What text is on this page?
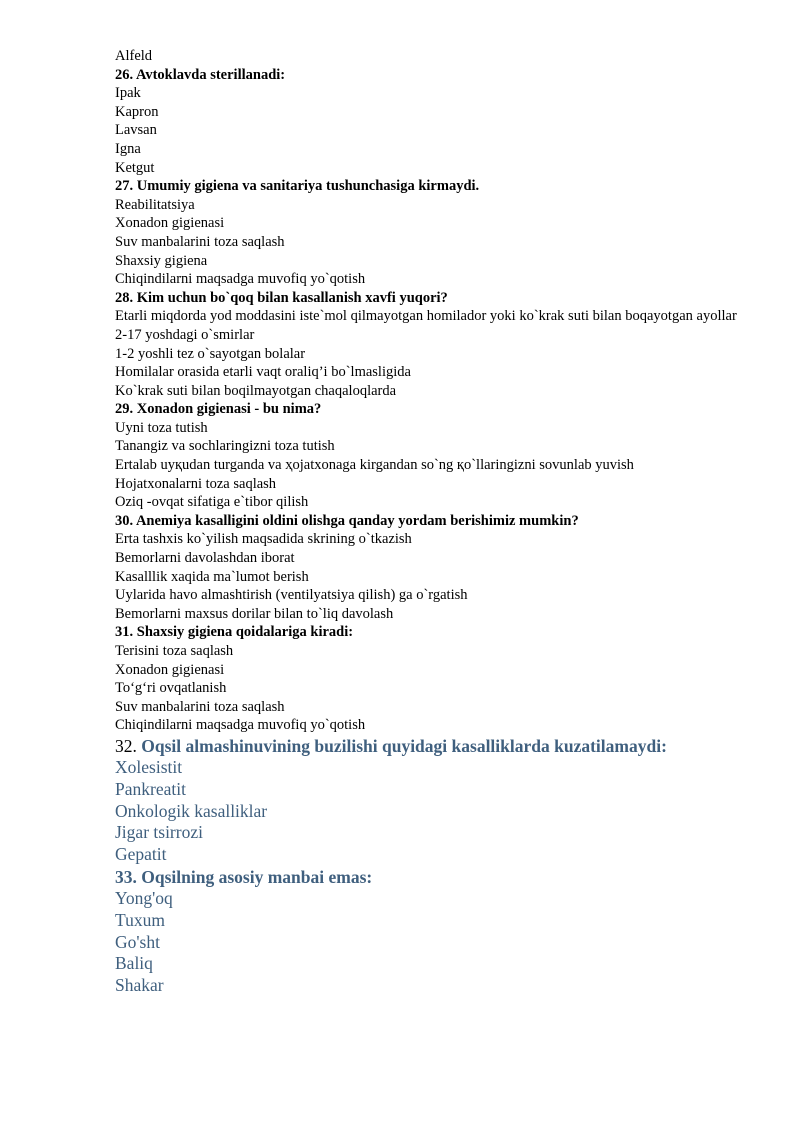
Alfeld
26. Avtoklavda sterillanadi:
Ipak
Kapron
Lavsan
Igna
Ketgut
27. Umumiy gigiena va sanitariya tushunchasiga kirmaydi.
Reabilitatsiya
Xonadon gigienasi
Suv manbalarini toza saqlash
Shaxsiy gigiena
Chiqindilarni maqsadga muvofiq yo`qotish
28. Kim uchun bo`qoq bilan kasallanish xavfi yuqori?
Etarli miqdorda yod moddasini iste`mol qilmayotgan homilador yoki ko`krak suti bilan boqayotgan ayollar
2-17 yoshdagi o`smirlar
1-2 yoshli tez o`sayotgan bolalar
Homilalar orasida etarli vaqt oraliq’i bo`lmasligida
Ko`krak suti bilan boqilmayotgan chaqaloqlarda
29. Xonadon gigienasi - bu nima?
Uyni toza tutish
Tanangiz va sochlaringizni toza tutish
Ertalab uyқudan turganda va ҳojatxonaga kirgandan so`ng қo`llaringizni sovunlab yuvish
Hojatxonalarni toza saqlash
Oziq -ovqat sifatiga e`tibor qilish
30. Anemiya kasalligini oldini olishga qanday yordam berishimiz mumkin?
Erta tashxis ko`yilish maqsadida skrining o`tkazish
Bemorlarni davolashdan iborat
Kasalllik xaqida ma`lumot berish
Uylarida havo almashtirish (ventilyatsiya qilish) ga o`rgatish
Bemorlarni maxsus dorilar bilan to`liq davolash
31. Shaxsiy gigiena qoidalariga kiradi:
Terisini toza saqlash
Xonadon gigienasi
Toʻgʻri ovqatlanish
Suv manbalarini toza saqlash
Chiqindilarni maqsadga muvofiq yo`qotish
32. Oqsil almashinuvining buzilishi quyidagi kasalliklarda kuzatilamaydi:
Xolesistit
Pankreatit
Onkologik kasalliklar
Jigar tsirrozi
Gepatit
33. Oqsilning asosiy manbai emas:
Yong'oq
Tuxum
Go'sht
Baliq
Shakar
